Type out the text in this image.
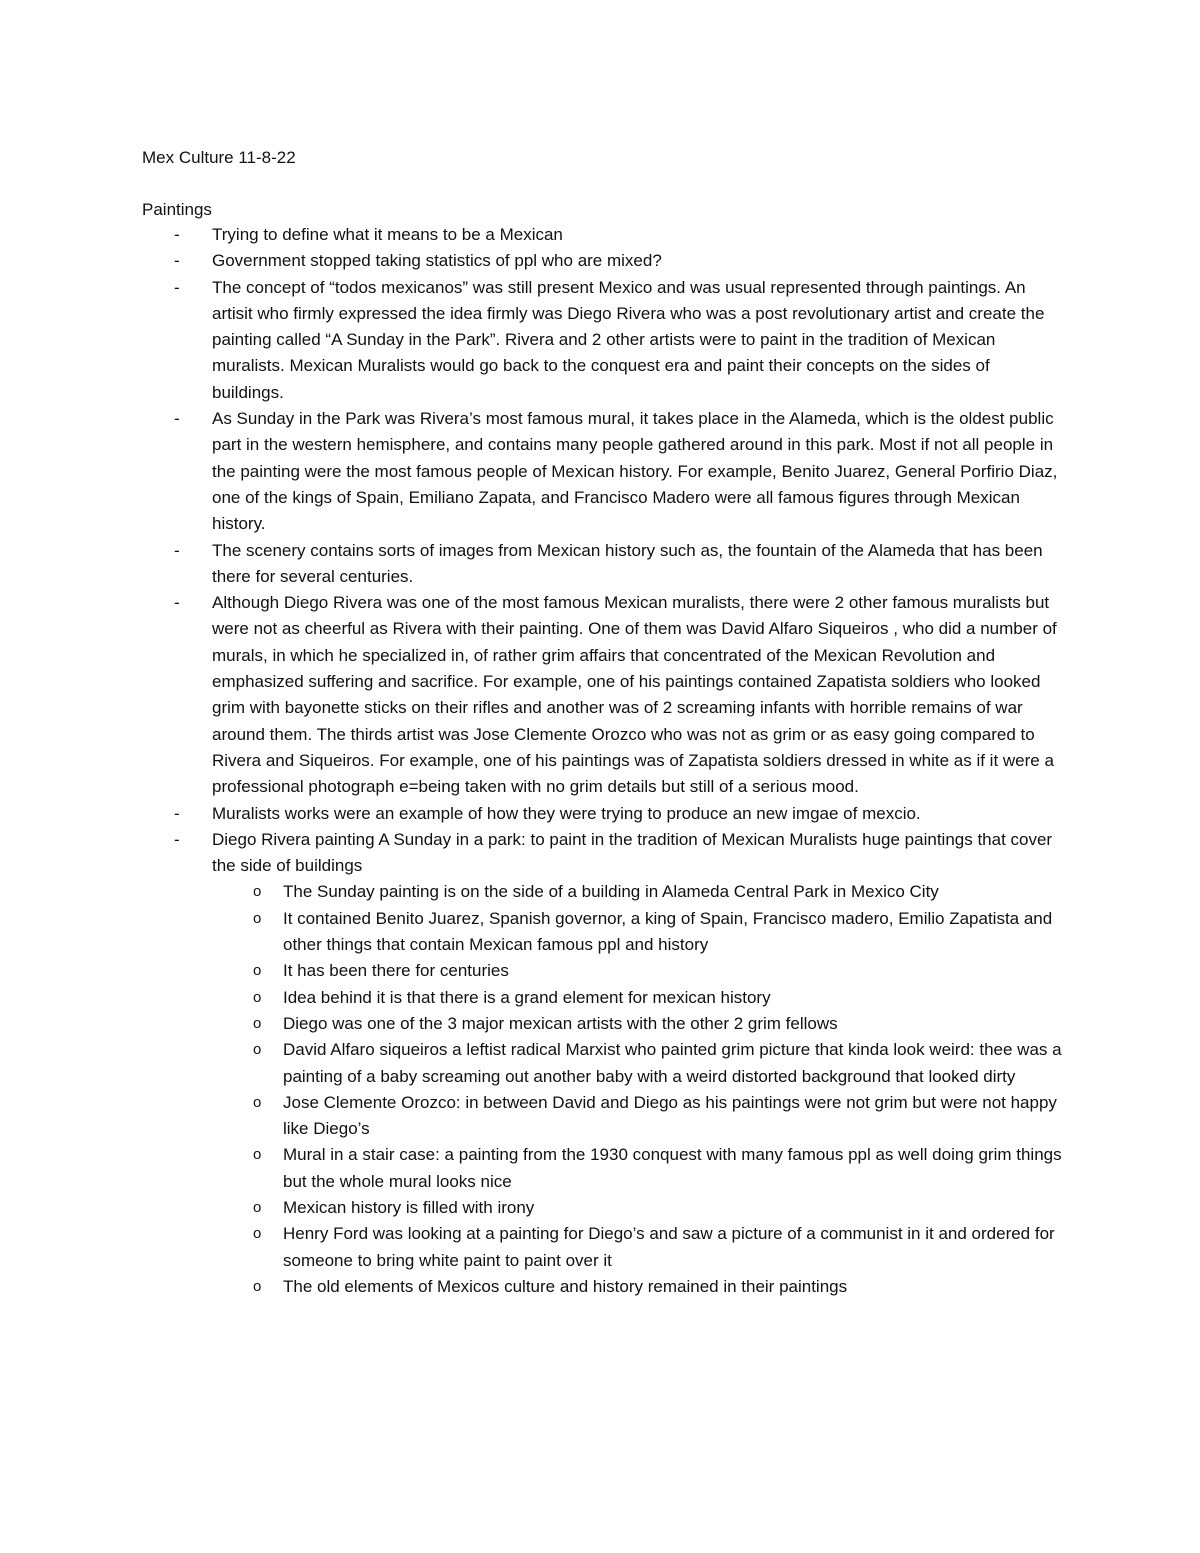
Mex Culture 11-8-22
Paintings
- Trying to define what it means to be a Mexican
- Government stopped taking statistics of ppl who are mixed?
- The concept of “todos mexicanos” was still present Mexico and was usual represented through paintings. An artisit who firmly expressed the idea firmly was Diego Rivera who was a post revolutionary artist and create the painting called “A Sunday in the Park”. Rivera and 2 other artists were to paint in the tradition of Mexican muralists. Mexican Muralists would go back to the conquest era and paint their concepts on the sides of buildings.
- As Sunday in the Park was Rivera’s most famous mural, it takes place in the Alameda, which is the oldest public part in the western hemisphere, and contains many people gathered around in this park. Most if not all people in the painting were the most famous people of Mexican history. For example, Benito Juarez, General Porfirio Diaz, one of the kings of Spain, Emiliano Zapata, and Francisco Madero were all famous figures through Mexican history.
- The scenery contains sorts of images from Mexican history such as, the fountain of the Alameda that has been there for several centuries.
- Although Diego Rivera was one of the most famous Mexican muralists, there were 2 other famous muralists but were not as cheerful as Rivera with their painting. One of them was David Alfaro Siqueiros , who did a number of murals, in which he specialized in, of rather grim affairs that concentrated of the Mexican Revolution and emphasized suffering and sacrifice. For example, one of his paintings contained Zapatista soldiers who looked grim with bayonette sticks on their rifles and another was of 2 screaming infants with horrible remains of war around them. The thirds artist was Jose Clemente Orozco who was not as grim or as easy going compared to Rivera and Siqueiros. For example, one of his paintings was of Zapatista soldiers dressed in white as if it were a professional photograph e=being taken with no grim details but still of a serious mood.
- Muralists works were an example of how they were trying to produce an new imgae of mexcio.
- Diego Rivera painting A Sunday in a park: to paint in the tradition of Mexican Muralists huge paintings that cover the side of buildings
o The Sunday painting is on the side of a building in Alameda Central Park in Mexico City
o It contained Benito Juarez, Spanish governor, a king of Spain, Francisco madero, Emilio Zapatista and other things that contain Mexican famous ppl and history
o It has been there for centuries
o Idea behind it is that there is a grand element for mexican history
o Diego was one of the 3 major mexican artists with the other 2 grim fellows
o David Alfaro siqueiros a leftist radical Marxist who painted grim picture that kinda look weird: thee was a painting of a baby screaming out another baby with a weird distorted background that looked dirty
o Jose Clemente Orozco: in between David and Diego as his paintings were not grim but were not happy like Diego’s
o Mural in a stair case: a painting from the 1930 conquest with many famous ppl as well doing grim things but the whole mural looks nice
o Mexican history is filled with irony
o Henry Ford was looking at a painting for Diego’s and saw a picture of a communist in it and ordered for someone to bring white paint to paint over it
o The old elements of Mexicos culture and history remained in their paintings
